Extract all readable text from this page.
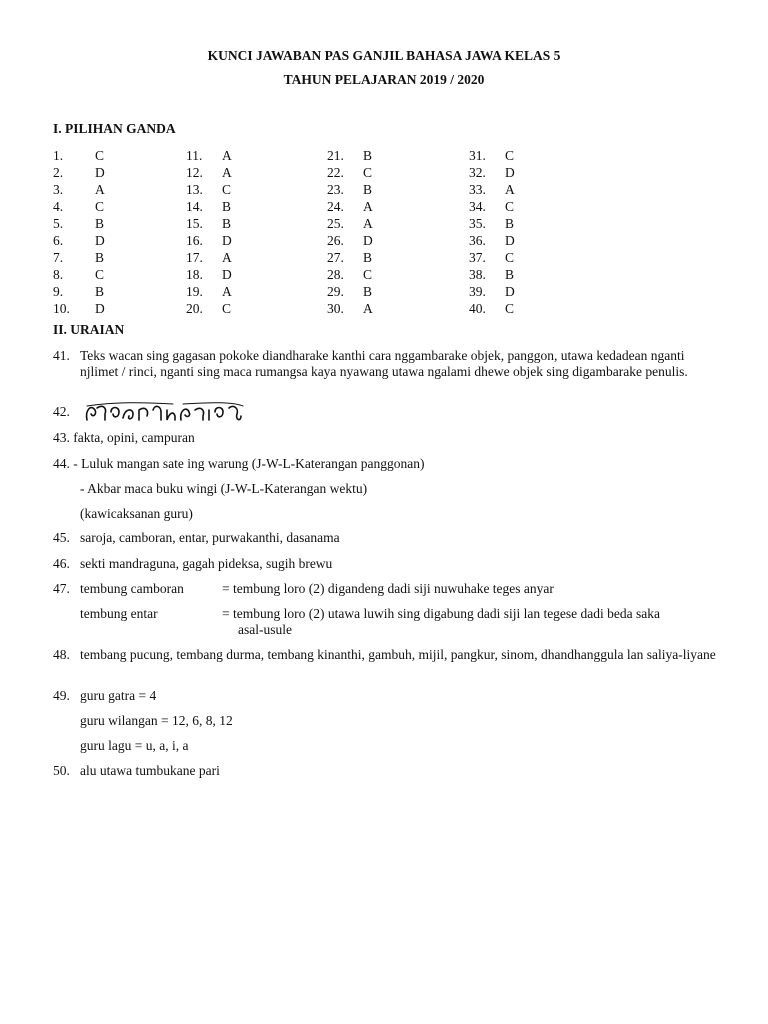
KUNCI JAWABAN PAS GANJIL BAHASA JAWA KELAS 5
TAHUN PELAJARAN 2019 / 2020
I. PILIHAN GANDA
1.	C
2.	D
3.	A
4.	C
5.	B
6.	D
7.	B
8.	C
9.	B
10.	D
11.	A
12.	A
13.	C
14.	B
15.	B
16.	D
17.	A
18.	D
19.	A
20.	C
21.	B
22.	C
23.	B
24.	A
25.	A
26.	D
27.	B
28.	C
29.	B
30.	A
31.	C
32.	D
33.	A
34.	C
35.	B
36.	D
37.	C
38.	B
39.	D
40.	C
II. URAIAN
41. Teks wacan sing gagasan pokoke diandharake kanthi cara nggambarake objek, panggon, utawa kedadean nganti njlimet / rinci, nganti sing maca rumangsa kaya nyawang utawa ngalami dhewe objek sing digambarake penulis.
42.
43. fakta, opini, campuran
44. - Luluk mangan sate ing warung (J-W-L-Katerangan panggonan)
- Akbar maca buku wingi (J-W-L-Katerangan wektu)
(kawicaksanan guru)
45. saroja, camboran, entar, purwakanthi, dasanama
46. sekti mandraguna, gagah pideksa, sugih brewu
47. tembung camboran	= tembung loro (2) digandeng dadi siji nuwuhake teges anyar
tembung entar	= tembung loro (2) utawa luwih sing digabung dadi siji lan tegese dadi beda saka
asal-usule
48. tembang pucung, tembang durma, tembang kinanthi, gambuh, mijil, pangkur, sinom, dhandhanggula lan saliya-liyane
49. guru gatra = 4
guru wilangan = 12, 6, 8, 12
guru lagu = u, a, i, a
50. alu utawa tumbukane pari
